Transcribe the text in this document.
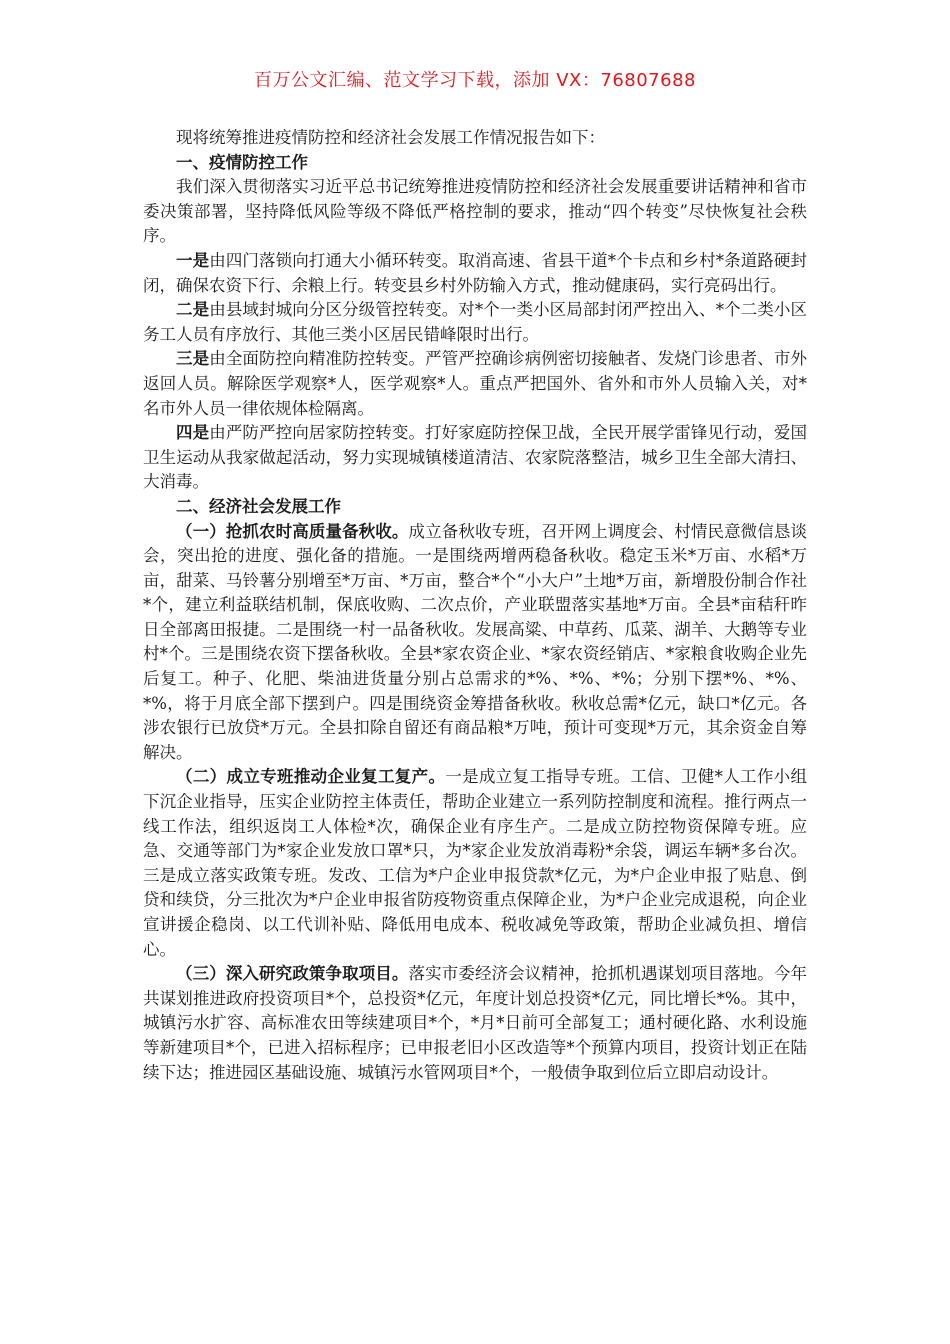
百万公文汇编、范文学习下载，添加 VX：76807688

现将统筹推进疫情防控和经济社会发展工作情况报告如下：

一、疫情防控工作

我们深入贯彻落实习近平总书记统筹推进疫情防控和经济社会发展重要讲话精神和省市委决策部署，坚持降低风险等级不降低严格控制的要求，推动“四个转变”尽快恢复社会秩序。

一是由四门落锁向打通大小循环转变。取消高速、省县干道*个卡点和乡村*条道路硬封闭，确保农资下行、余粮上行。转变县乡村外防输入方式，推动健康码，实行亮码出行。

二是由县域封城向分区分级管控转变。对*个一类小区局部封闭严控出入、*个二类小区务工人员有序放行、其他三类小区居民错峰限时出行。

三是由全面防控向精准防控转变。严管严控确诊病例密切接触者、发烧门诊患者、市外返回人员。解除医学观察*人，医学观察*人。重点严把国外、省外和市外人员输入关，对*名市外人员一律依规体检隔离。

四是由严防严控向居家防控转变。打好家庭防控保卫战，全民开展学雷锋见行动，爱国卫生运动从我家做起活动，努力实现城镇楼道清洁、农家院落整洁，城乡卫生全部大清扫、大消毒。

二、经济社会发展工作

（一）抢抓农时高质量备秋收。成立备秋收专班，召开网上调度会、村情民意微信恳谈会，突出抢的进度、强化备的措施。一是围绕两增两稳备秋收。稳定玉米*万亩、水稻*万亩，甜菜、马铃薯分别增至*万亩、*万亩，整合*个“小大户”土地*万亩，新增股份制合作社*个，建立利益联结机制，保底收购、二次点价，产业联盟落实基地*万亩。全县*亩秸秆昨日全部离田报捷。二是围绕一村一品备秋收。发展高粱、中草药、瓜菜、湖羊、大鹅等专业村*个。三是围绕农资下摆备秋收。全县*家农资企业、*家农资经销店、*家粮食收购企业先后复工。种子、化肥、柴油进货量分别占总需求的*%、*%、*%；分别下摆*%、*%、*%，将于月底全部下摆到户。四是围绕资金筹措备秋收。秋收总需*亿元，缺口*亿元。各涉农银行已放贷*万元。全县扣除自留还有商品粮*万吨，预计可变现*万元，其余资金自筹解决。

（二）成立专班推动企业复工复产。一是成立复工指导专班。工信、卫健*人工作小组下沉企业指导，压实企业防控主体责任，帮助企业建立一系列防控制度和流程。推行两点一线工作法，组织返岗工人体检*次，确保企业有序生产。二是成立防控物资保障专班。应急、交通等部门为*家企业发放口罩*只，为*家企业发放消毒粉*余袋，调运车辆*多台次。三是成立落实政策专班。发改、工信为*户企业申报贷款*亿元，为*户企业申报了贴息、倒贷和续贷，分三批次为*户企业申报省防疫物资重点保障企业，为*户企业完成退税，向企业宣讲援企稳岗、以工代训补贴、降低用电成本、税收减免等政策，帮助企业减负担、增信心。

（三）深入研究政策争取项目。落实市委经济会议精神，抢抓机遇谋划项目落地。今年共谋划推进政府投资项目*个，总投资*亿元，年度计划总投资*亿元，同比增长*%。其中，城镇污水扩容、高标准农田等续建项目*个，*月*日前可全部复工；通村硬化路、水利设施等新建项目*个，已进入招标程序；已申报老旧小区改造等*个预算内项目，投资计划正在陆续下达；推进园区基础设施、城镇污水管网项目*个，一般债争取到位后立即启动设计。
